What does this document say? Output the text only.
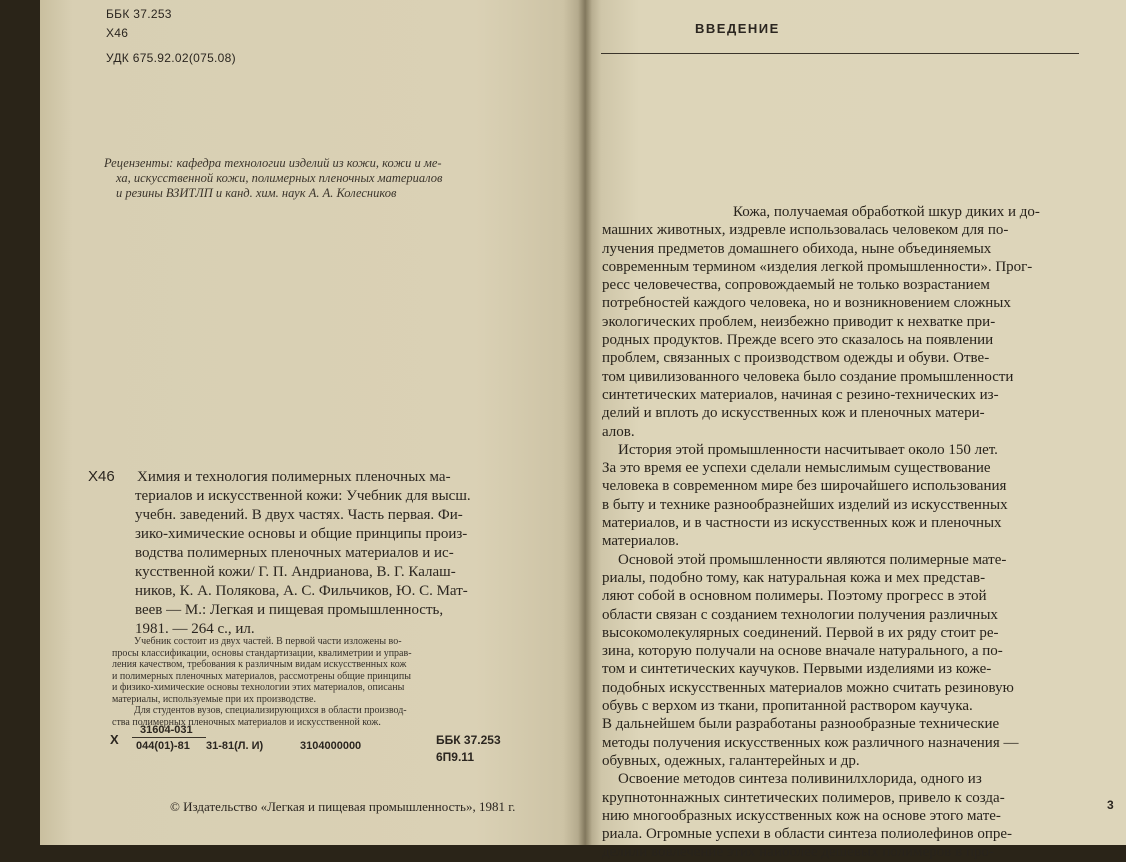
ББК 37.253
Х46
УДК 675.92.02(075.08)

Рецензенты: кафедра технологии изделий из кожи, кожи и ме-

ха, искусственной кожи, полимерных пленочных материалов

и резины ВЗИТЛП и канд. хим. наук А. А. Колесников

Х46 Химия и технология полимерных пленочных ма-

териалов и искусственной кожи: Учебник для высш.

учебн. заведений. В двух частях. Часть первая. Фи-

зико-химические основы и общие принципы произ-

водства полимерных пленочных материалов и ис-

кусственной кожи/ Г. П. Андрианова, В. Г. Калаш-

ников, К. А. Полякова, А. С. Фильчиков, Ю. С. Мат-

веев — М.: Легкая и пищевая промышленность,

1981. — 264 с., ил.

Учебник состоит из двух частей. В первой части изложены во-

просы классификации, основы стандартизации, квалиметрии и управ-

ления качеством, требования к различным видам искусственных кож

и полимерных пленочных материалов, рассмотрены общие принципы

и физико-химические основы технологии этих материалов, описаны

материалы, используемые при их производстве.

Для студентов вузов, специализирующихся в области производ-

ства полимерных пленочных материалов и искусственной кож.

Х
31604-031
044(01)-81 31-81(Л. И)	3104000000	ББК 37.253
6П9.11
© Издательство «Легкая и пищевая промышленность», 1981 г.
ВВЕДЕНИЕ

Кожа, получаемая обработкой шкур диких и до-

машних животных, издревле использовалась человеком для по-

лучения предметов домашнего обихода, ныне объединяемых

современным термином «изделия легкой промышленности». Прог-

ресс человечества, сопровождаемый не только возрастанием

потребностей каждого человека, но и возникновением сложных

экологических проблем, неизбежно приводит к нехватке при-

родных продуктов. Прежде всего это сказалось на появлении

проблем, связанных с производством одежды и обуви. Отве-

том цивилизованного человека было создание промышленности

синтетических материалов, начиная с резино-технических из-

делий и вплоть до искусственных кож и пленочных матери-

алов.

История этой промышленности насчитывает около 150 лет.

За это время ее успехи сделали немыслимым существование

человека в современном мире без широчайшего использования

в быту и технике разнообразнейших изделий из искусственных

материалов, и в частности из искусственных кож и пленочных

материалов.

Основой этой промышленности являются полимерные мате-

риалы, подобно тому, как натуральная кожа и мех представ-

ляют собой в основном полимеры. Поэтому прогресс в этой

области связан с созданием технологии получения различных

высокомолекулярных соединений. Первой в их ряду стоит ре-

зина, которую получали на основе вначале натурального, а по-

том и синтетических каучуков. Первыми изделиями из коже-

подобных искусственных материалов можно считать резиновую

обувь с верхом из ткани, пропитанной раствором каучука.

В дальнейшем были разработаны разнообразные технические

методы получения искусственных кож различного назначения —

обувных, одежных, галантерейных и др.

Освоение методов синтеза поливинилхлорида, одного из

крупнотоннажных синтетических полимеров, привело к созда-

нию многообразных искусственных кож на основе этого мате-

риала. Огромные успехи в области синтеза полиолефинов опре-

делили вовлечение этих наиболее дешевых полимеров в про-

3
